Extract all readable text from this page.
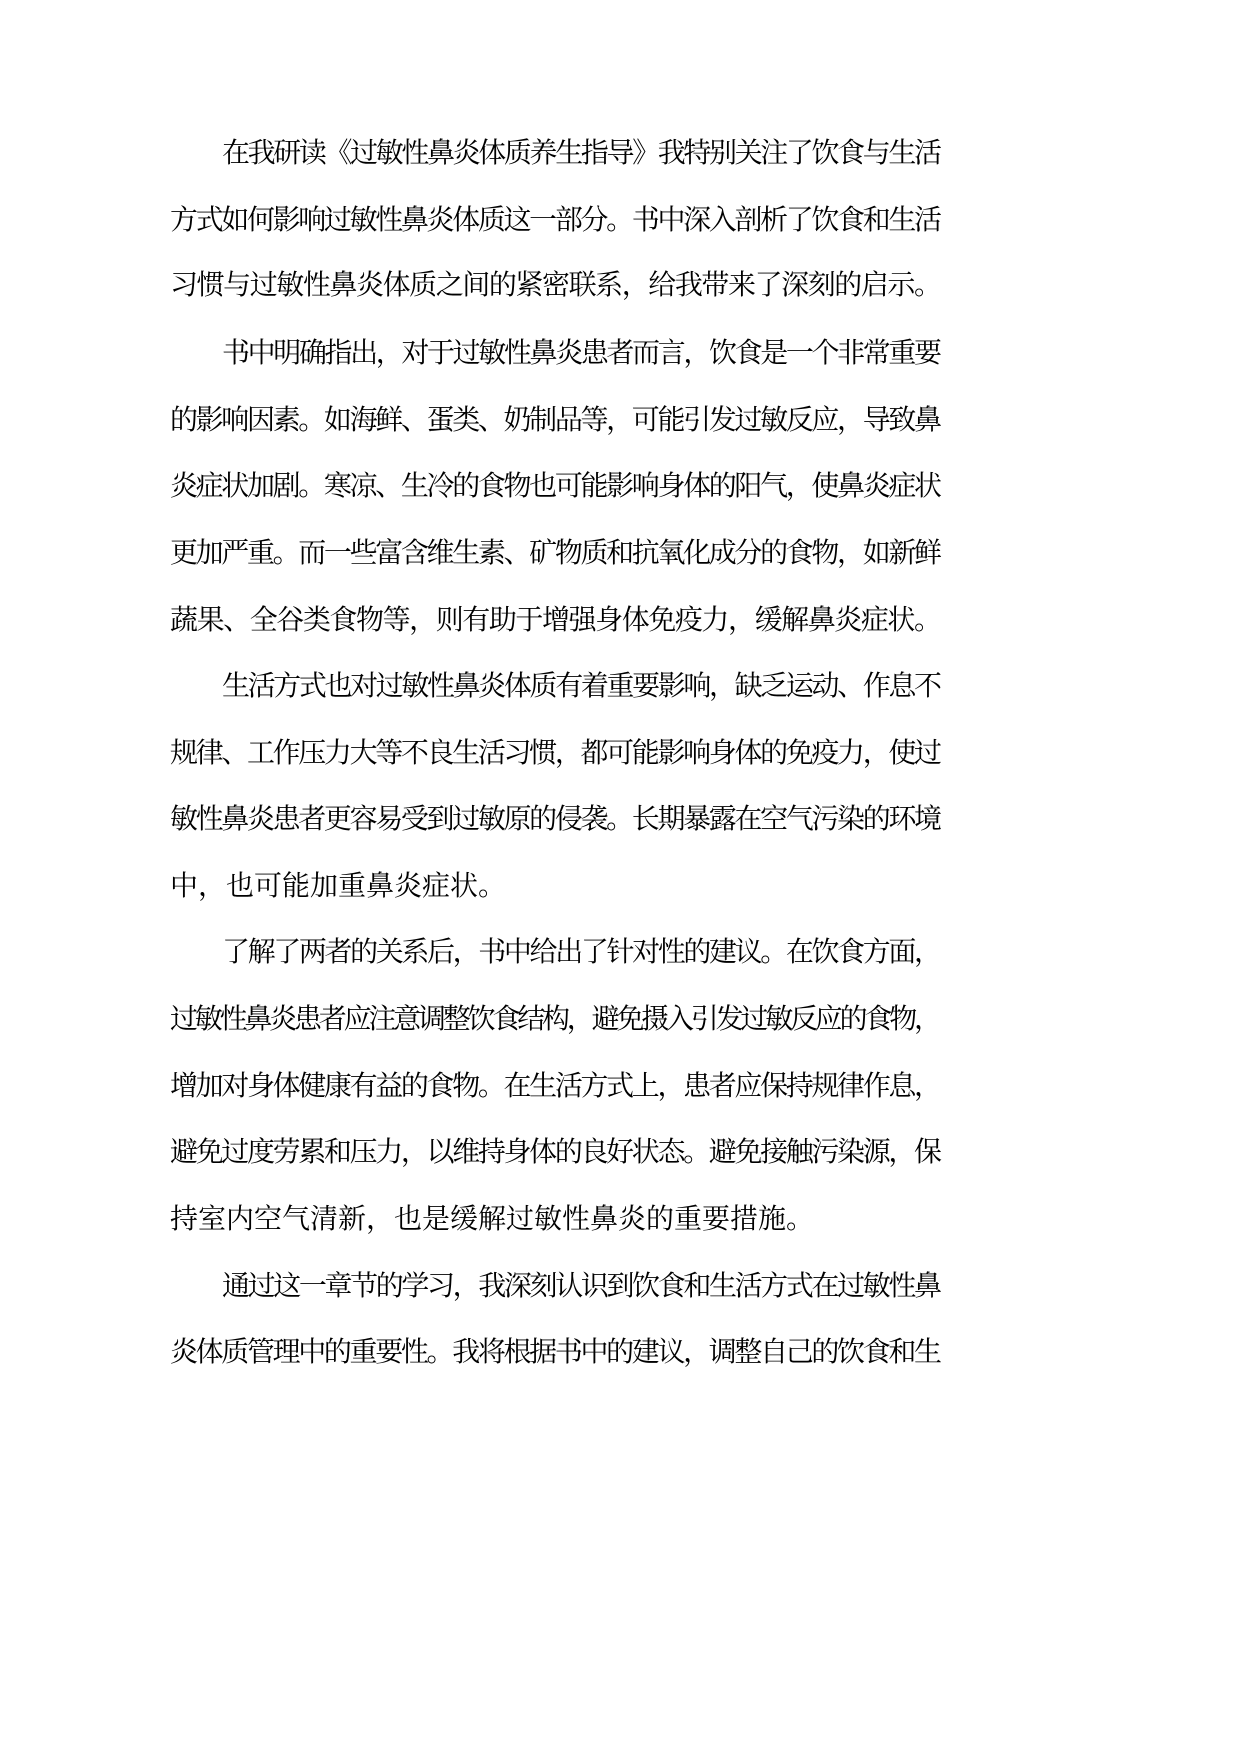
在我研读《过敏性鼻炎体质养生指导》我特别关注了饮食与生活
方式如何影响过敏性鼻炎体质这一部分。书中深入剖析了饮食和生活
习惯与过敏性鼻炎体质之间的紧密联系，给我带来了深刻的启示。
书中明确指出，对于过敏性鼻炎患者而言，饮食是一个非常重要
的影响因素。如海鲜、蛋类、奶制品等，可能引发过敏反应，导致鼻
炎症状加剧。寒凉、生冷的食物也可能影响身体的阳气，使鼻炎症状
更加严重。而一些富含维生素、矿物质和抗氧化成分的食物，如新鲜
蔬果、全谷类食物等，则有助于增强身体免疫力，缓解鼻炎症状。
生活方式也对过敏性鼻炎体质有着重要影响，缺乏运动、作息不
规律、工作压力大等不良生活习惯，都可能影响身体的免疫力，使过
敏性鼻炎患者更容易受到过敏原的侵袭。长期暴露在空气污染的环境
中，也可能加重鼻炎症状。
了解了两者的关系后，书中给出了针对性的建议。在饮食方面，
过敏性鼻炎患者应注意调整饮食结构，避免摄入引发过敏反应的食物，
增加对身体健康有益的食物。在生活方式上，患者应保持规律作息，
避免过度劳累和压力，以维持身体的良好状态。避免接触污染源，保
持室内空气清新，也是缓解过敏性鼻炎的重要措施。
通过这一章节的学习，我深刻认识到饮食和生活方式在过敏性鼻
炎体质管理中的重要性。我将根据书中的建议，调整自己的饮食和生
